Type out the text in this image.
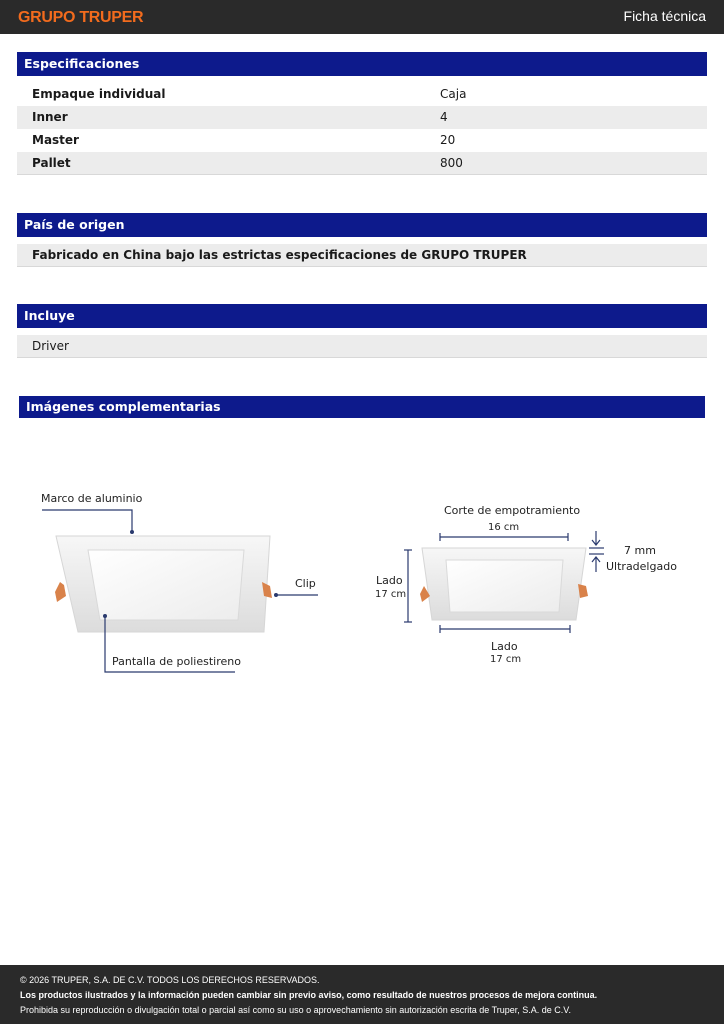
GRUPO TRUPER	Ficha técnica
Especificaciones
Empaque individual	Caja
Inner	4
Master	20
Pallet	800
País de origen
Fabricado en China bajo las estrictas especificaciones de GRUPO TRUPER
Incluye
Driver
Imágenes complementarias
Marco de aluminio
Clip
Pantalla de poliestireno
Corte de empotramiento
16 cm
7 mm
Ultradelgado
Lado
17 cm
Lado
17 cm
© 2026 TRUPER, S.A. DE C.V. TODOS LOS DERECHOS RESERVADOS.
Los productos ilustrados y la información pueden cambiar sin previo aviso, como resultado de nuestros procesos de mejora continua.
Prohibida su reproducción o divulgación total o parcial así como su uso o aprovechamiento sin autorización escrita de Truper, S.A. de C.V.
